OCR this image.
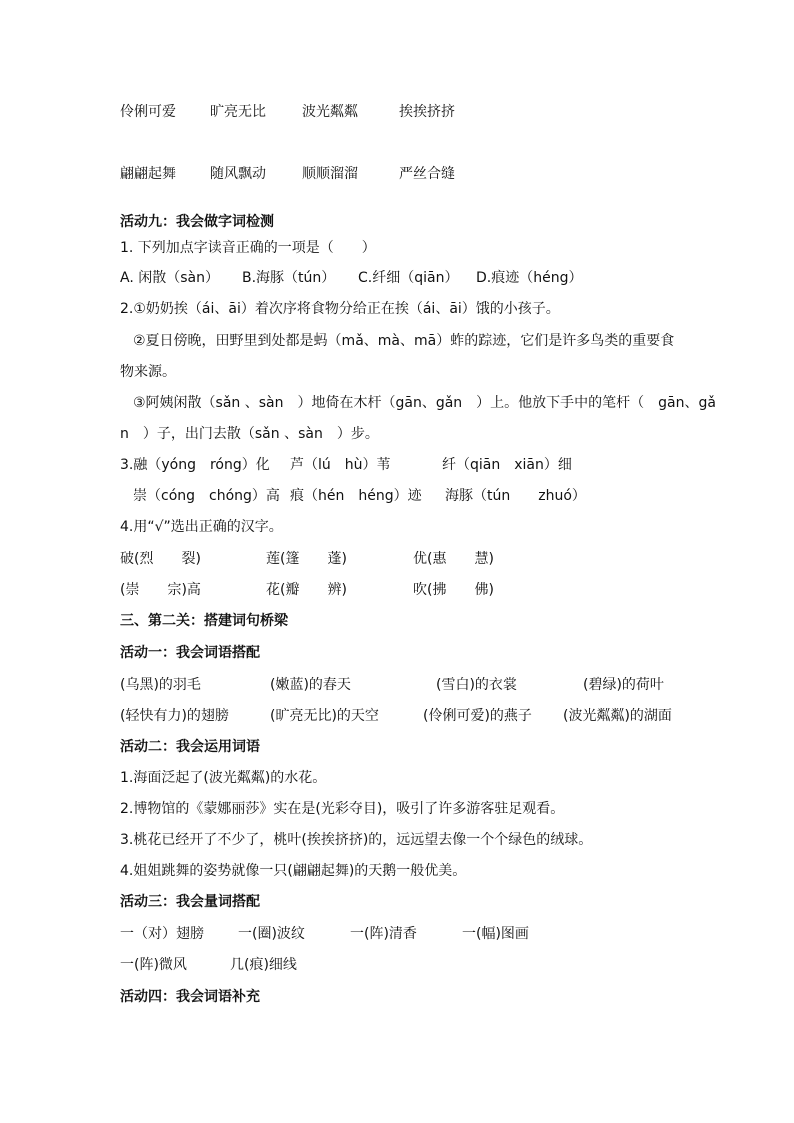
伶俐可爱 旷亮无比	波光粼粼	挨挨挤挤
翩翩起舞 随风飘动	顺顺溜溜	严丝合缝
活动九：我会做字词检测
1. 下列加点字读音正确的一项是（　　）
A. 闲散（sàn） B.海豚（tún） C.纤细（qiān） D.痕迹（héng）
2.①奶奶挨（ái、āi）着次序将食物分给正在挨（ái、āi）饿的小孩子。
②夏日傍晚，田野里到处都是蚂（mǎ、mà、mā）蚱的踪迹，它们是许多鸟类的重要食
物来源。
③阿姨闲散（sǎn 、sàn　）地倚在木杆（gān、gǎn　）上。他放下手中的笔杆（　gān、gǎ
n　）子，出门去散（sǎn 、sàn　）步。
3.融（yóng　róng）化 芦（lú　hù）苇	纤（qiān　xiān）细
崇（cóng　chóng）高 痕（hén　héng）迹 海豚（tún　　zhuó）
4.用“√”选出正确的汉字。
破(烈　　裂)	莲(篷　　蓬)	优(惠　　慧)
(崇　　宗)高	花(瓣　　辨)	吹(拂　　佛)
三、第二关：搭建词句桥梁
活动一：我会词语搭配
(乌黑)的羽毛	(嫩蓝)的春天	(雪白)的衣裳	(碧绿)的荷叶
(轻快有力)的翅膀	(旷亮无比)的天空	(伶俐可爱)的燕子 (波光粼粼)的湖面
活动二：我会运用词语
1.海面泛起了(波光粼粼)的水花。
2.博物馆的《蒙娜丽莎》实在是(光彩夺目)，吸引了许多游客驻足观看。
3.桃花已经开了不少了，桃叶(挨挨挤挤)的，远远望去像一个个绿色的绒球。
4.姐姐跳舞的姿势就像一只(翩翩起舞)的天鹅一般优美。
活动三：我会量词搭配
一（对）翅膀 一(圈)波纹	一(阵)清香	一(幅)图画
一(阵)微风	几(痕)细线
活动四：我会词语补充
